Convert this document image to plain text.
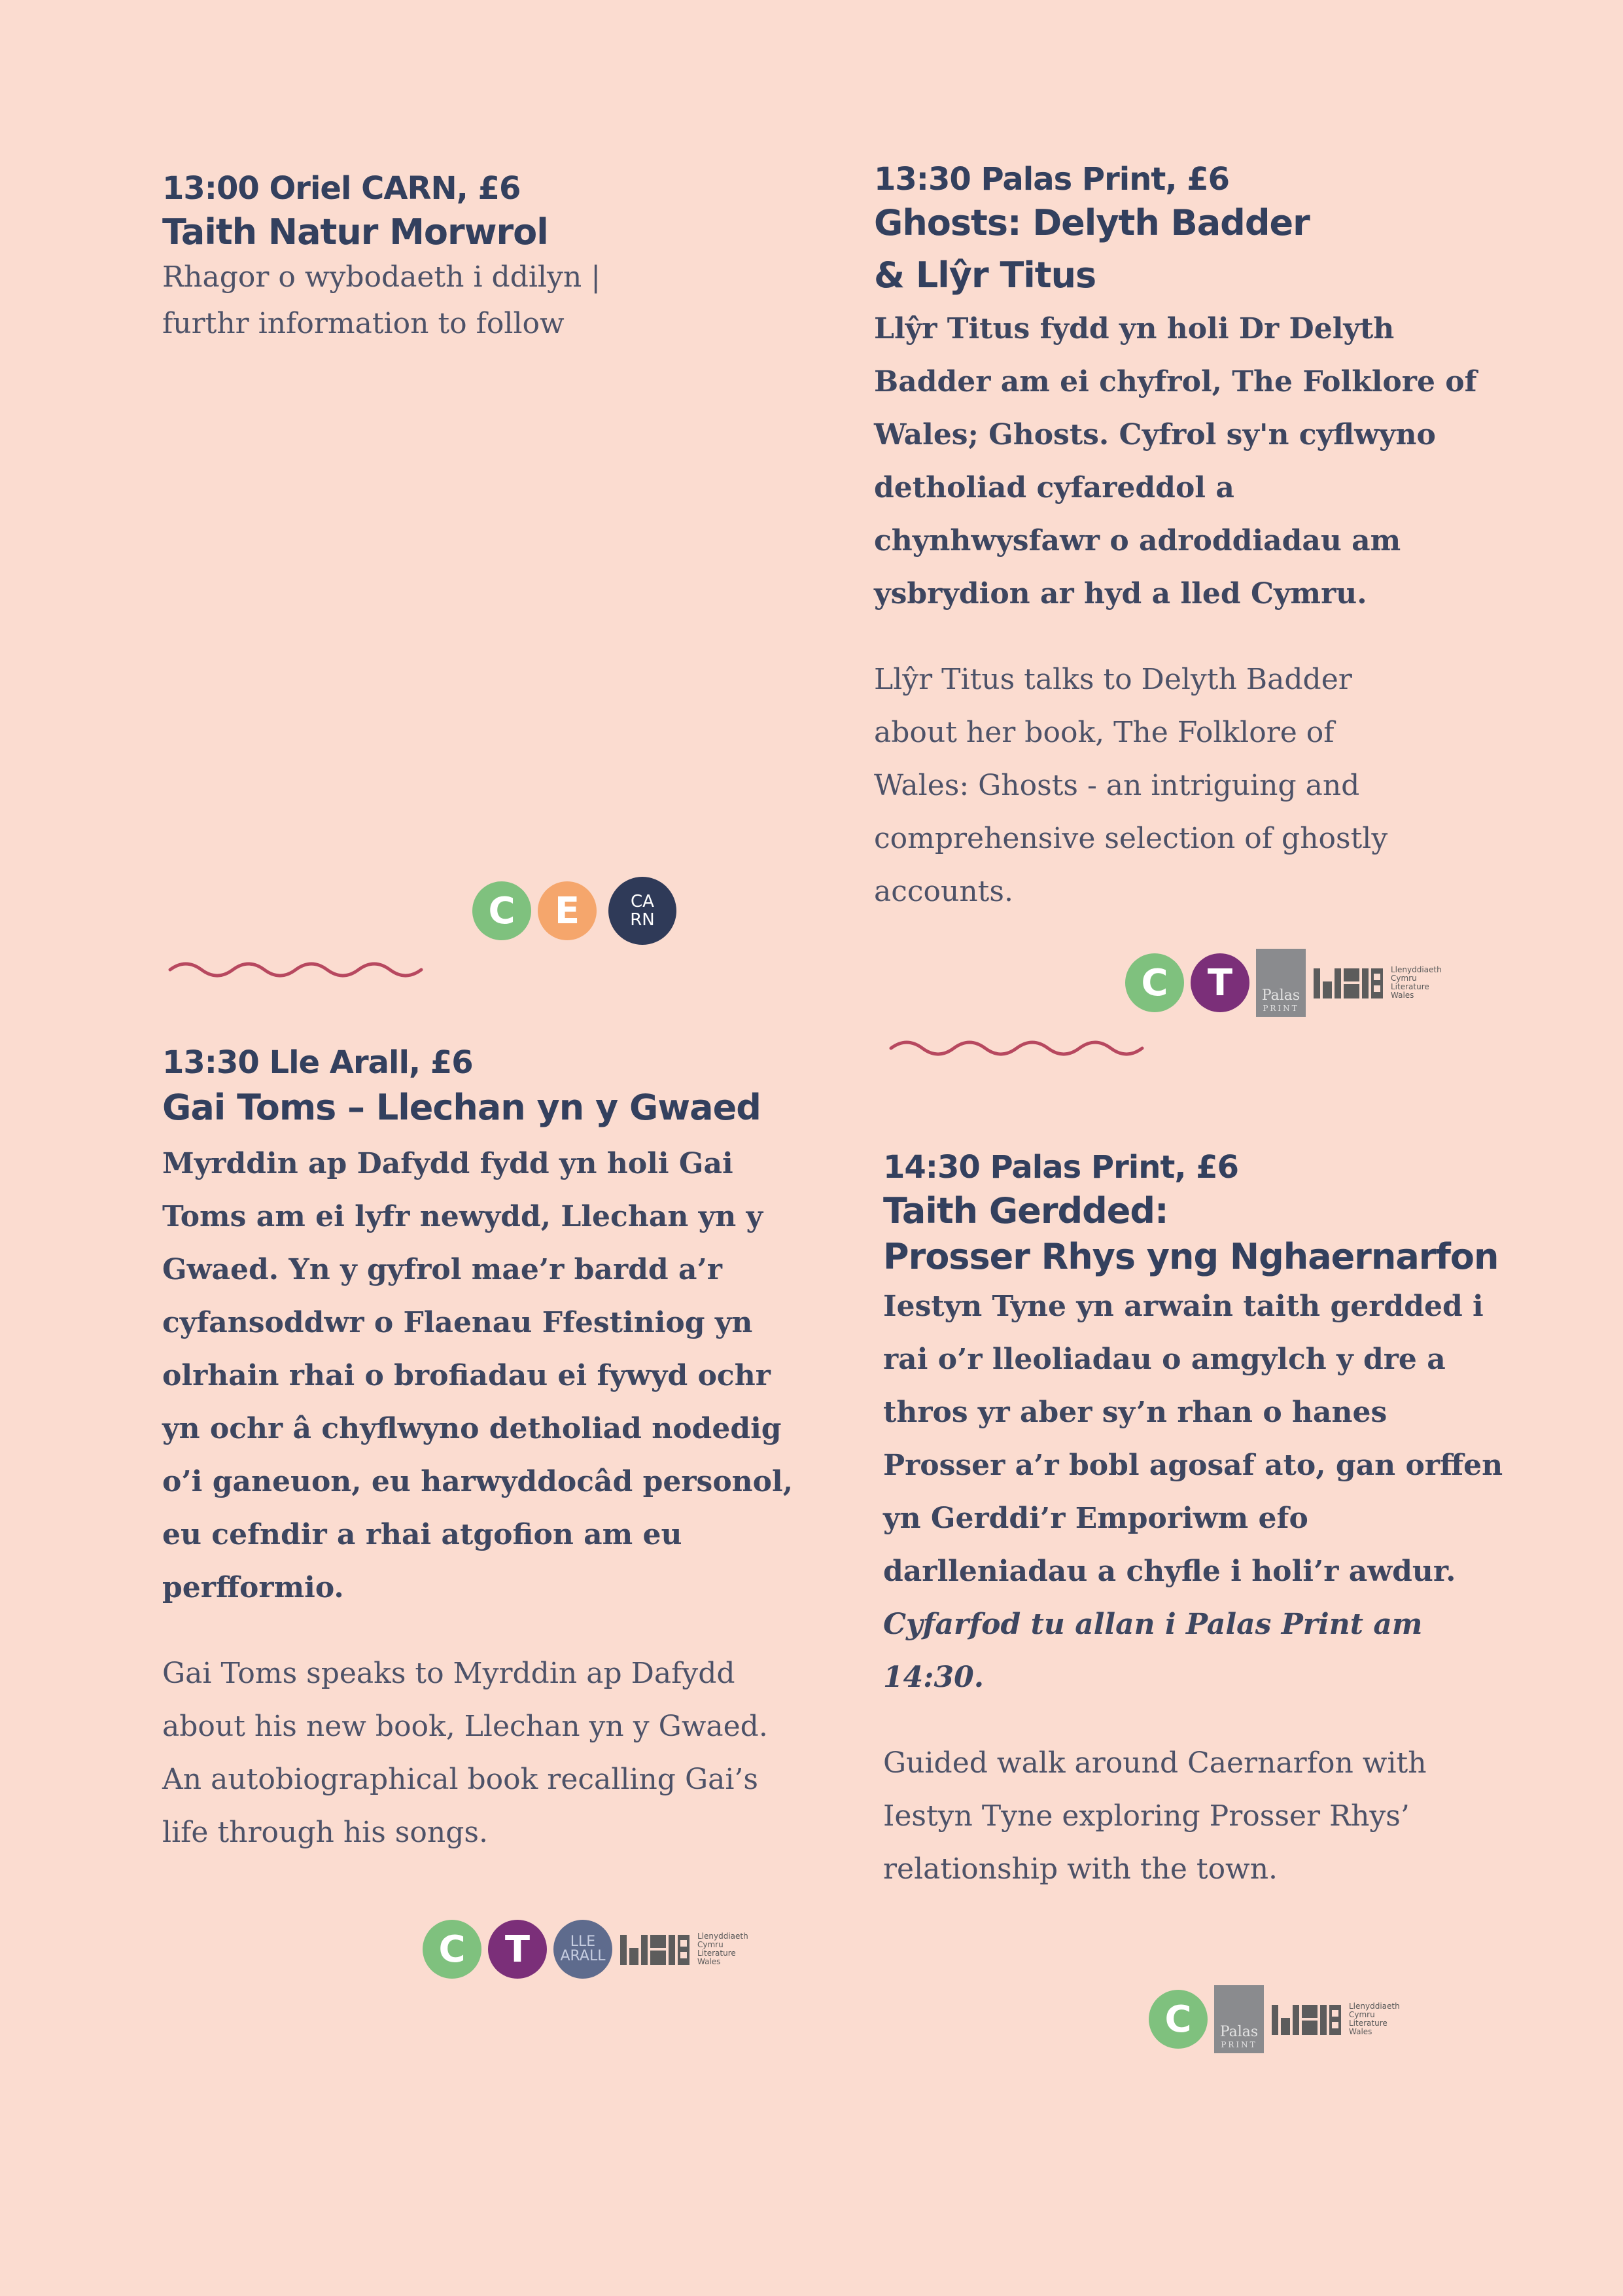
13:00 Oriel CARN, £6
Taith Natur Morwrol

Rhagor o wybodaeth i ddilyn |

furthr information to follow

C	E	CA
RN
13:30 Palas Print, £6
Ghosts: Delyth Badder
& Llŷr Titus

Llŷr Titus fydd yn holi Dr Delyth

Badder am ei chyfrol, The Folklore of

Wales; Ghosts. Cyfrol sy'n cyflwyno

detholiad cyfareddol a

chynhwysfawr o adroddiadau am

ysbrydion ar hyd a lled Cymru.

Llŷr Titus talks to Delyth Badder

about her book, The Folklore of

Wales: Ghosts - an intriguing and

comprehensive selection of ghostly

accounts.

C	T	Palas
PRINT
Llenyddiaeth
Cymru
Literature
Wales
13:30 Lle Arall, £6
Gai Toms – Llechan yn y Gwaed

Myrddin ap Dafydd fydd yn holi Gai

Toms am ei lyfr newydd, Llechan yn y

Gwaed. Yn y gyfrol mae’r bardd a’r

cyfansoddwr o Flaenau Ffestiniog yn

olrhain rhai o brofiadau ei fywyd ochr

yn ochr â chyflwyno detholiad nodedig

o’i ganeuon, eu harwyddocâd personol,

eu cefndir a rhai atgofion am eu

perfformio.

Gai Toms speaks to Myrddin ap Dafydd

about his new book, Llechan yn y Gwaed.

An autobiographical book recalling Gai’s

life through his songs.

C	T	LLE
ARALL
Llenyddiaeth
Cymru
Literature
Wales
14:30 Palas Print, £6
Taith Gerdded:
Prosser Rhys yng Nghaernarfon

Iestyn Tyne yn arwain taith gerdded i

rai o’r lleoliadau o amgylch y dre a

thros yr aber sy’n rhan o hanes

Prosser a’r bobl agosaf ato, gan orffen

yn Gerddi’r Emporiwm efo

darlleniadau a chyfle i holi’r awdur.

Cyfarfod tu allan i Palas Print am

14:30.

Guided walk around Caernarfon with

Iestyn Tyne exploring Prosser Rhys’

relationship with the town.

C	Palas
PRINT
Llenyddiaeth
Cymru
Literature
Wales
